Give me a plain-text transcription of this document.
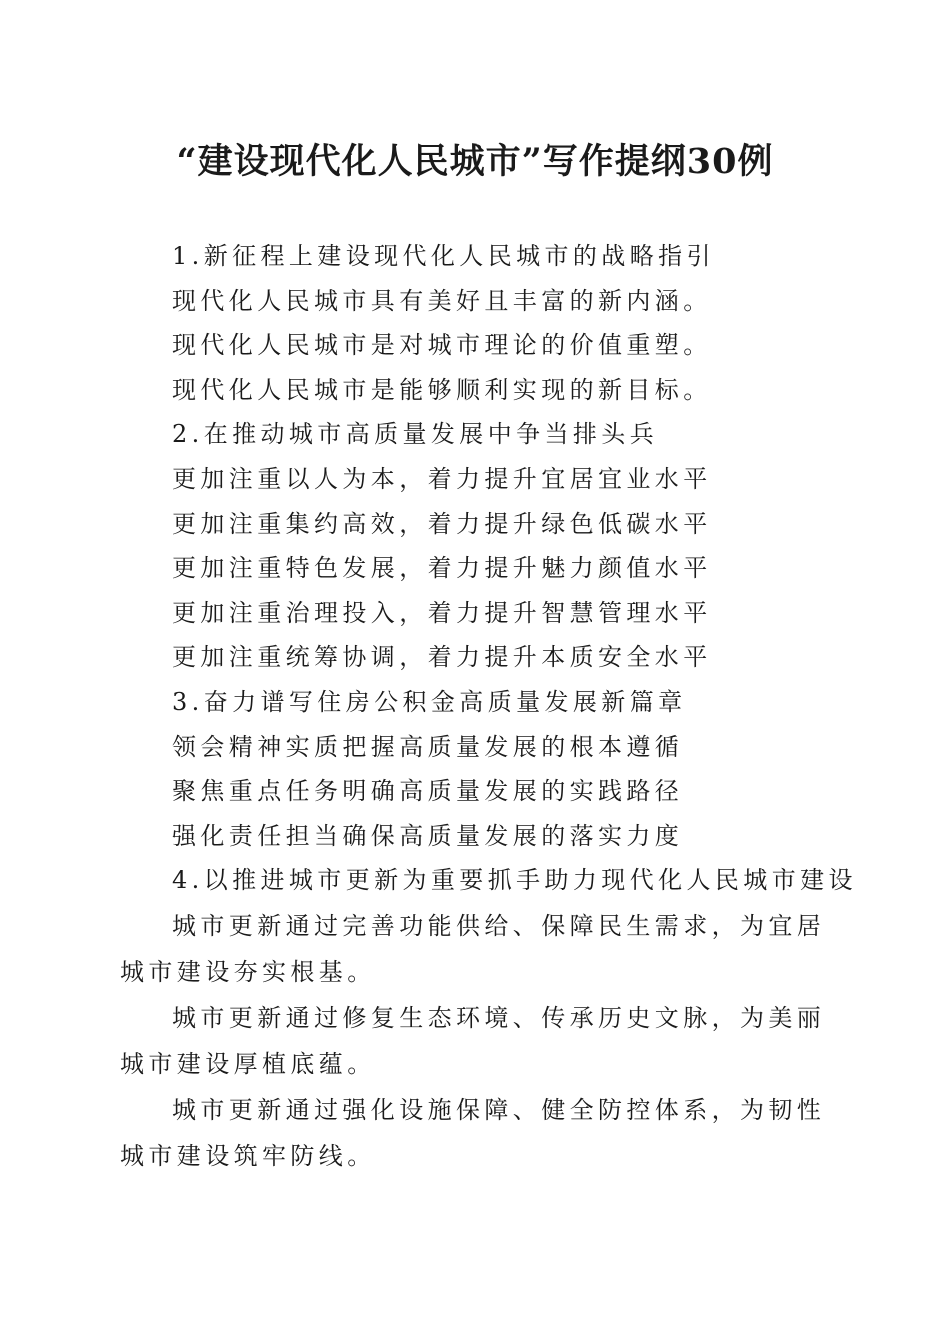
“建设现代化人民城市”写作提纲30例
1.新征程上建设现代化人民城市的战略指引
现代化人民城市具有美好且丰富的新内涵。
现代化人民城市是对城市理论的价值重塑。
现代化人民城市是能够顺利实现的新目标。
2.在推动城市高质量发展中争当排头兵
更加注重以人为本，着力提升宜居宜业水平
更加注重集约高效，着力提升绿色低碳水平
更加注重特色发展，着力提升魅力颜值水平
更加注重治理投入，着力提升智慧管理水平
更加注重统筹协调，着力提升本质安全水平
3.奋力谱写住房公积金高质量发展新篇章
领会精神实质把握高质量发展的根本遵循
聚焦重点任务明确高质量发展的实践路径
强化责任担当确保高质量发展的落实力度
4.以推进城市更新为重要抓手助力现代化人民城市建设

城市更新通过完善功能供给、保障民生需求，为宜居城市建设夯实根基。

城市更新通过修复生态环境、传承历史文脉，为美丽城市建设厚植底蕴。

城市更新通过强化设施保障、健全防控体系，为韧性城市建设筑牢防线。
